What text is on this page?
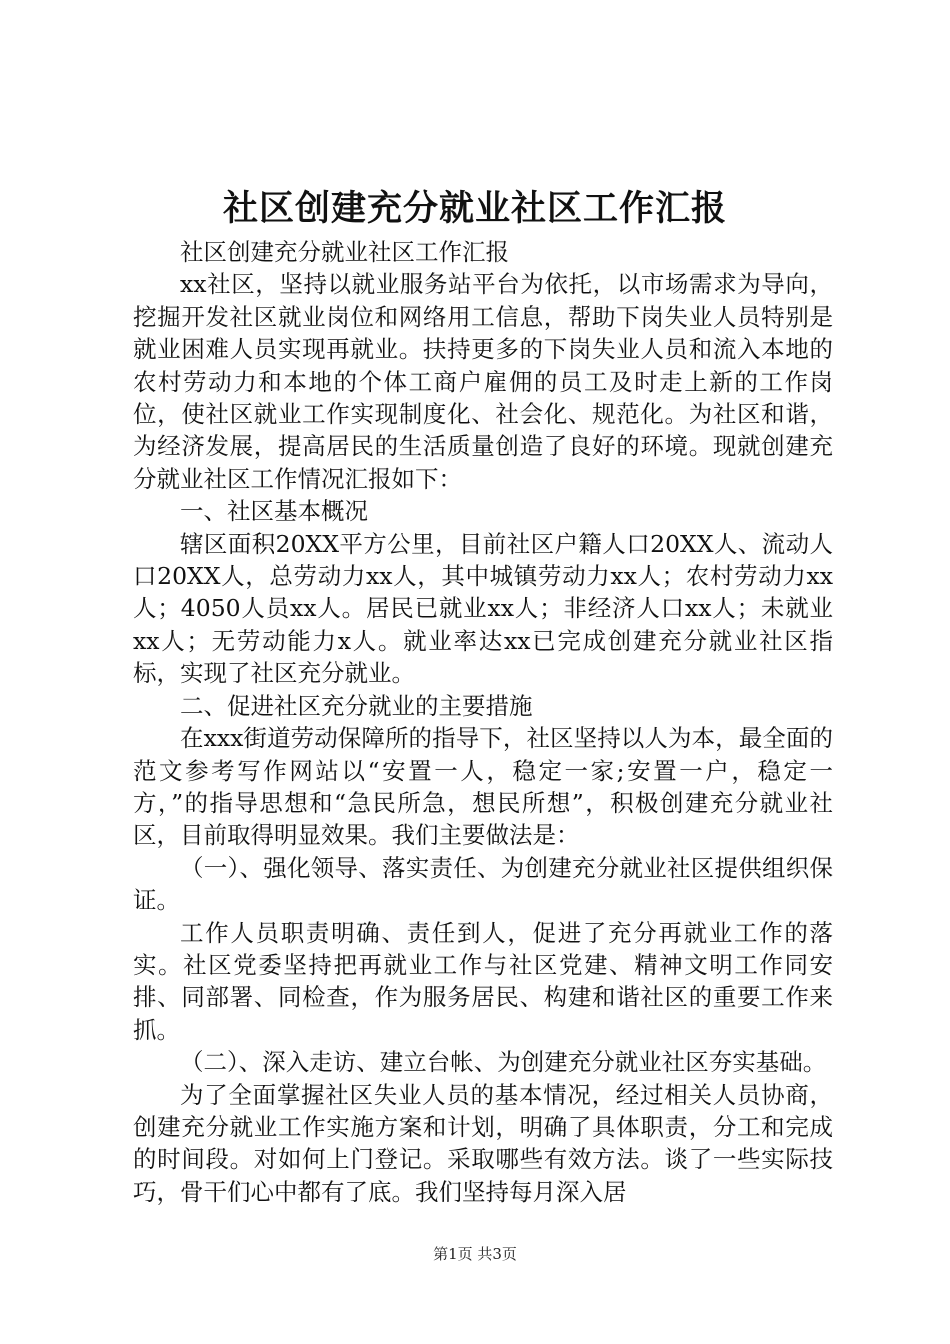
社区创建充分就业社区工作汇报

社区创建充分就业社区工作汇报

xx社区，坚持以就业服务站平台为依托，以市场需求为导向，挖掘开发社区就业岗位和网络用工信息，帮助下岗失业人员特别是就业困难人员实现再就业。扶持更多的下岗失业人员和流入本地的农村劳动力和本地的个体工商户雇佣的员工及时走上新的工作岗位，使社区就业工作实现制度化、社会化、规范化。为社区和谐，为经济发展，提高居民的生活质量创造了良好的环境。现就创建充分就业社区工作情况汇报如下：

一、社区基本概况

辖区面积20XX平方公里，目前社区户籍人口20XX人、流动人口20XX人，总劳动力xx人，其中城镇劳动力xx人；农村劳动力xx人；4050人员xx人。居民已就业xx人；非经济人口xx人；未就业xx人；无劳动能力x人。就业率达xx已完成创建充分就业社区指标，实现了社区充分就业。

二、促进社区充分就业的主要措施

在xxx街道劳动保障所的指导下，社区坚持以人为本，最全面的范文参考写作网站以“安置一人，稳定一家;安置一户，稳定一方，”的指导思想和“急民所急，想民所想”，积极创建充分就业社区，目前取得明显效果。我们主要做法是：

（一）、强化领导、落实责任、为创建充分就业社区提供组织保证。

工作人员职责明确、责任到人，促进了充分再就业工作的落实。社区党委坚持把再就业工作与社区党建、精神文明工作同安排、同部署、同检查，作为服务居民、构建和谐社区的重要工作来抓。

（二）、深入走访、建立台帐、为创建充分就业社区夯实基础。

为了全面掌握社区失业人员的基本情况，经过相关人员协商，创建充分就业工作实施方案和计划，明确了具体职责，分工和完成的时间段。对如何上门登记。采取哪些有效方法。谈了一些实际技巧，骨干们心中都有了底。我们坚持每月深入居

第1页 共3页
